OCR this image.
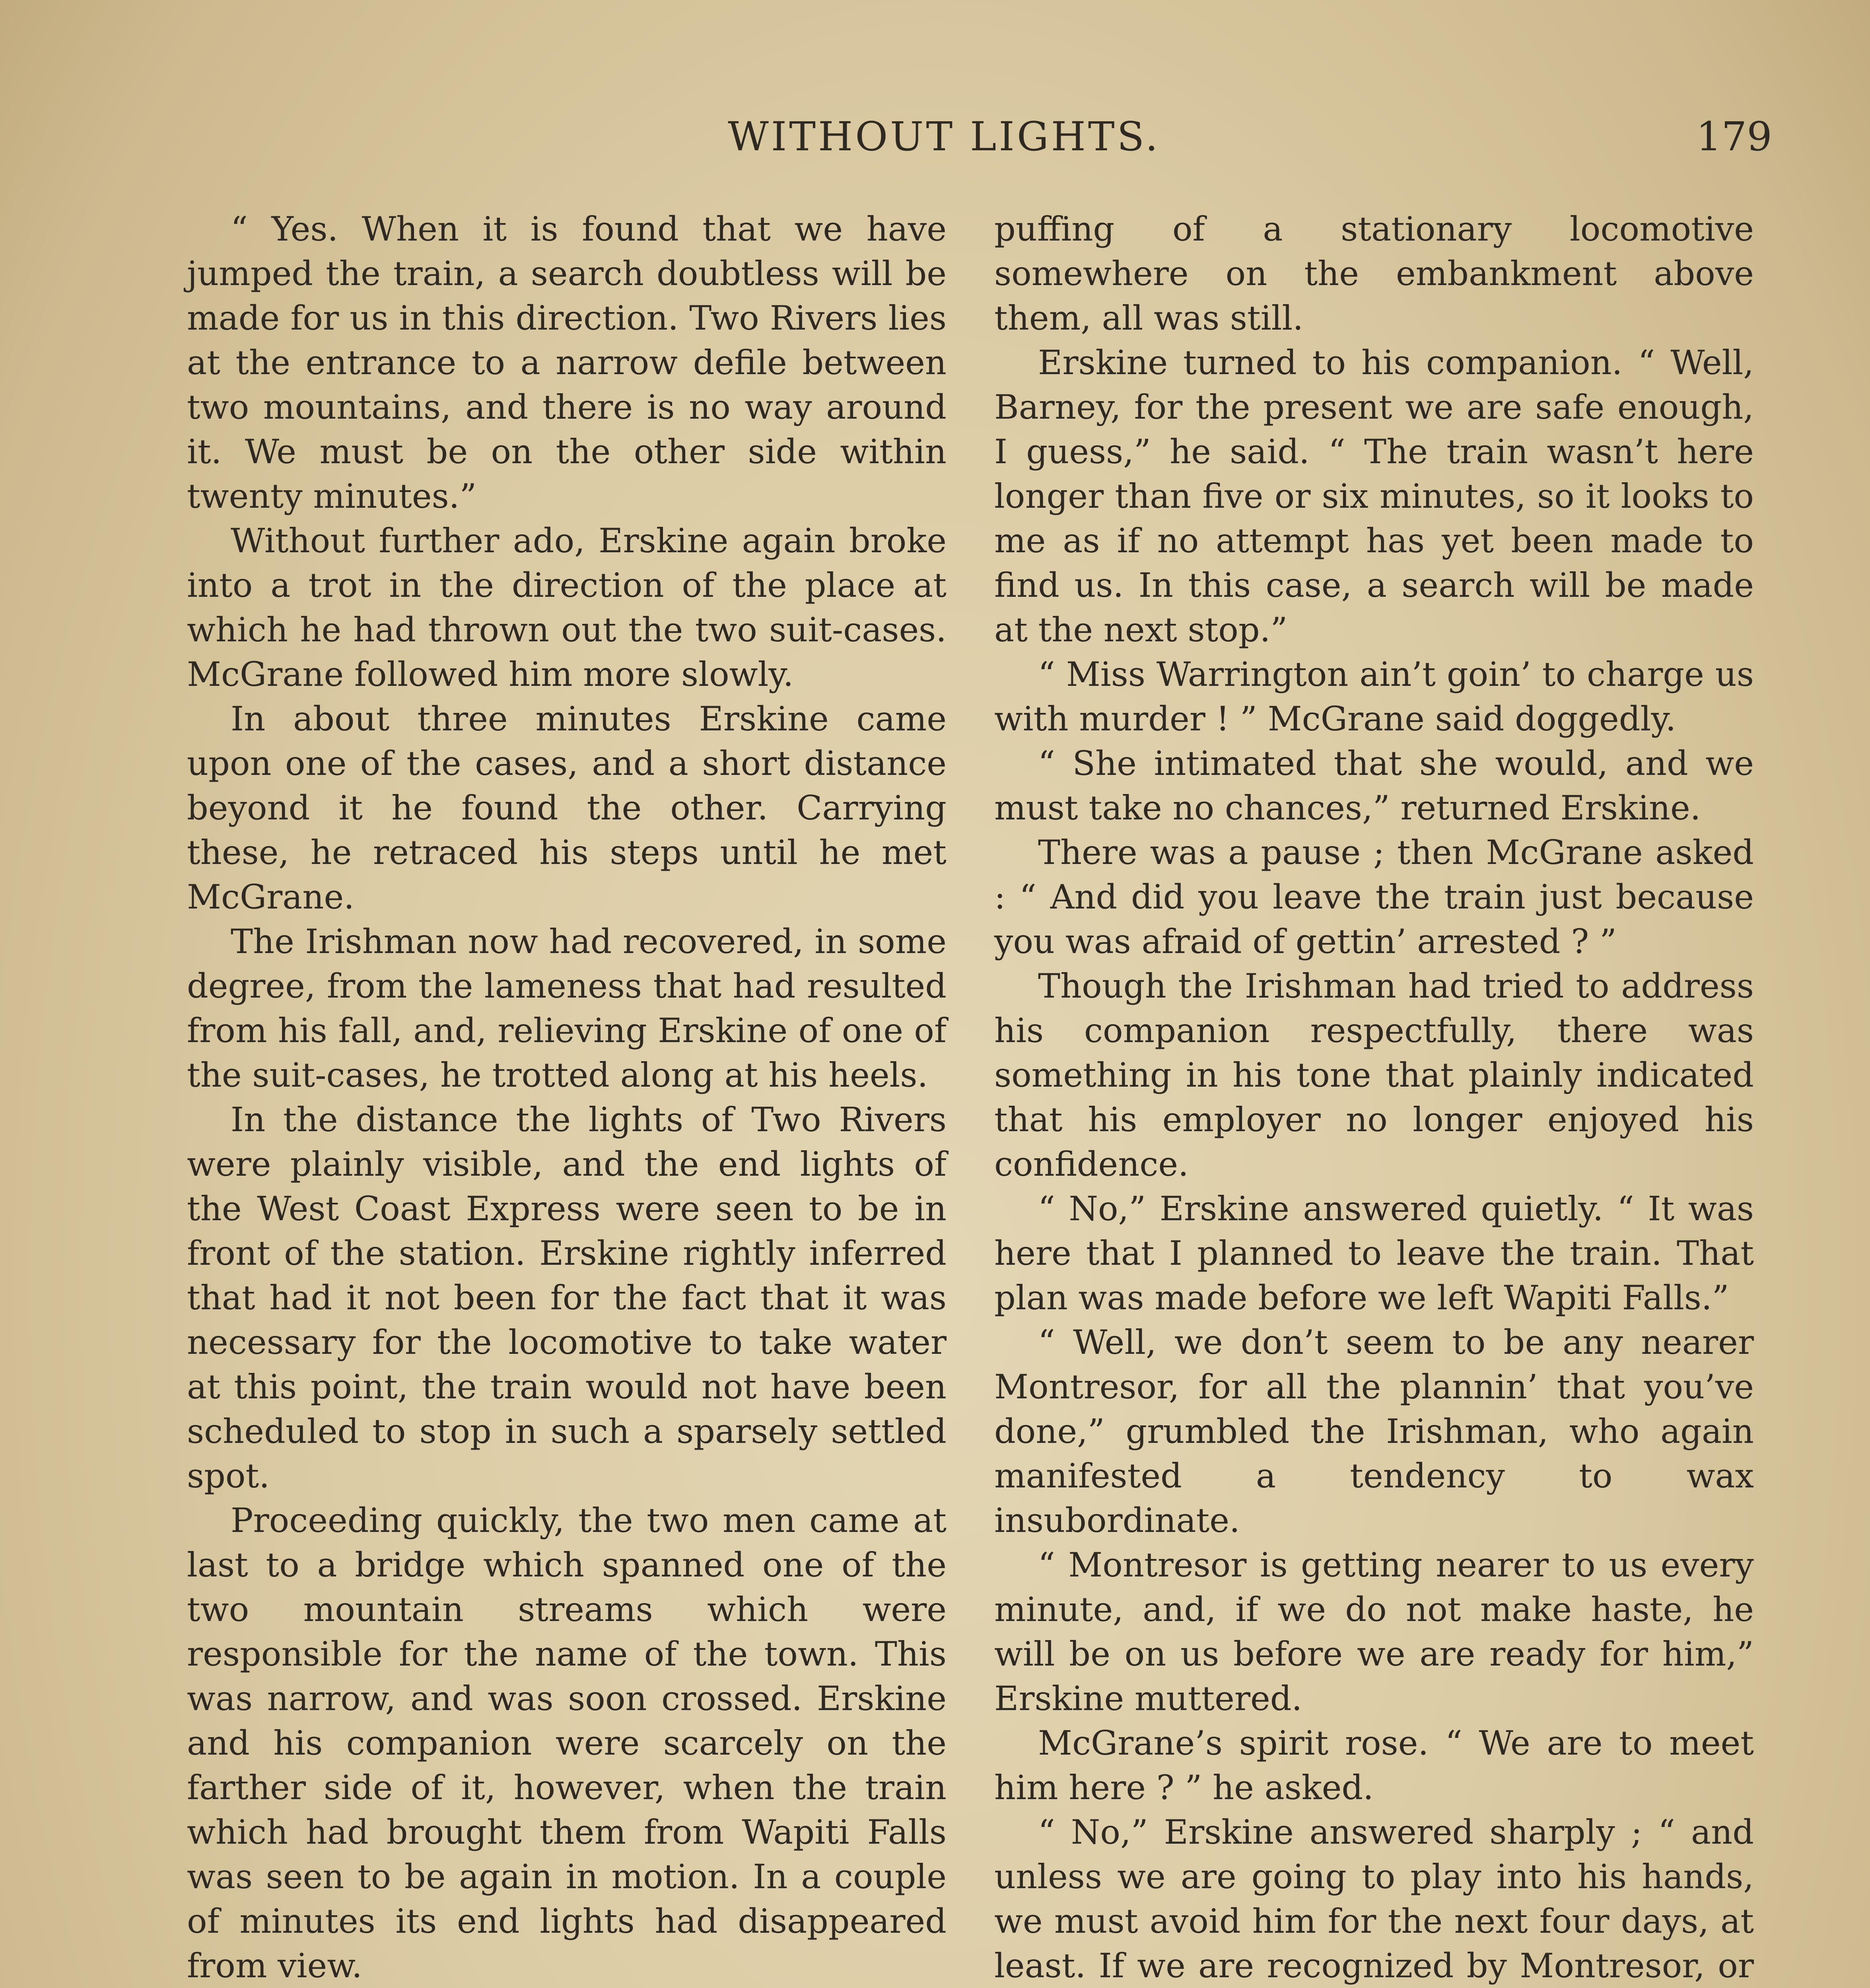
WITHOUT LIGHTS.	179

“ Yes. When it is found that we have jumped the train, a search doubtless will be made for us in this direction. Two Rivers lies at the entrance to a narrow defile between two mountains, and there is no way around it. We must be on the other side within twenty minutes.”

Without further ado, Erskine again broke into a trot in the direction of the place at which he had thrown out the two suit-cases. McGrane followed him more slowly.

In about three minutes Erskine came upon one of the cases, and a short distance beyond it he found the other. Carrying these, he retraced his steps until he met McGrane.

The Irishman now had recovered, in some degree, from the lameness that had resulted from his fall, and, relieving Erskine of one of the suit-cases, he trotted along at his heels.

In the distance the lights of Two Rivers were plainly visible, and the end lights of the West Coast Express were seen to be in front of the station. Erskine rightly inferred that had it not been for the fact that it was necessary for the locomotive to take water at this point, the train would not have been scheduled to stop in such a sparsely settled spot.

Proceeding quickly, the two men came at last to a bridge which spanned one of the two mountain streams which were responsible for the name of the town. This was narrow, and was soon crossed. Erskine and his companion were scarcely on the farther side of it, however, when the train which had brought them from Wapiti Falls was seen to be again in motion. In a couple of minutes its end lights had disappeared from view.

puffing of a stationary locomotive somewhere on the embankment above them, all was still.

Erskine turned to his companion. “ Well, Barney, for the present we are safe enough, I guess,” he said. “ The train wasn’t here longer than five or six minutes, so it looks to me as if no attempt has yet been made to find us. In this case, a search will be made at the next stop.”

“ Miss Warrington ain’t goin’ to charge us with murder ! ” McGrane said doggedly.

“ She intimated that she would, and we must take no chances,” returned Erskine.

There was a pause ; then McGrane asked : “ And did you leave the train just because you was afraid of gettin’ arrested ? ”

Though the Irishman had tried to address his companion respectfully, there was something in his tone that plainly indicated that his employer no longer enjoyed his confidence.

“ No,” Erskine answered quietly. “ It was here that I planned to leave the train. That plan was made before we left Wapiti Falls.”

“ Well, we don’t seem to be any nearer Montresor, for all the plannin’ that you’ve done,” grumbled the Irishman, who again manifested a tendency to wax insubordinate.

“ Montresor is getting nearer to us every minute, and, if we do not make haste, he will be on us before we are ready for him,” Erskine muttered.

McGrane’s spirit rose. “ We are to meet him here ? ” he asked.

“ No,” Erskine answered sharply ; “ and unless we are going to play into his hands, we must avoid him for the next four days, at least. If we are recognized by Montresor, or
